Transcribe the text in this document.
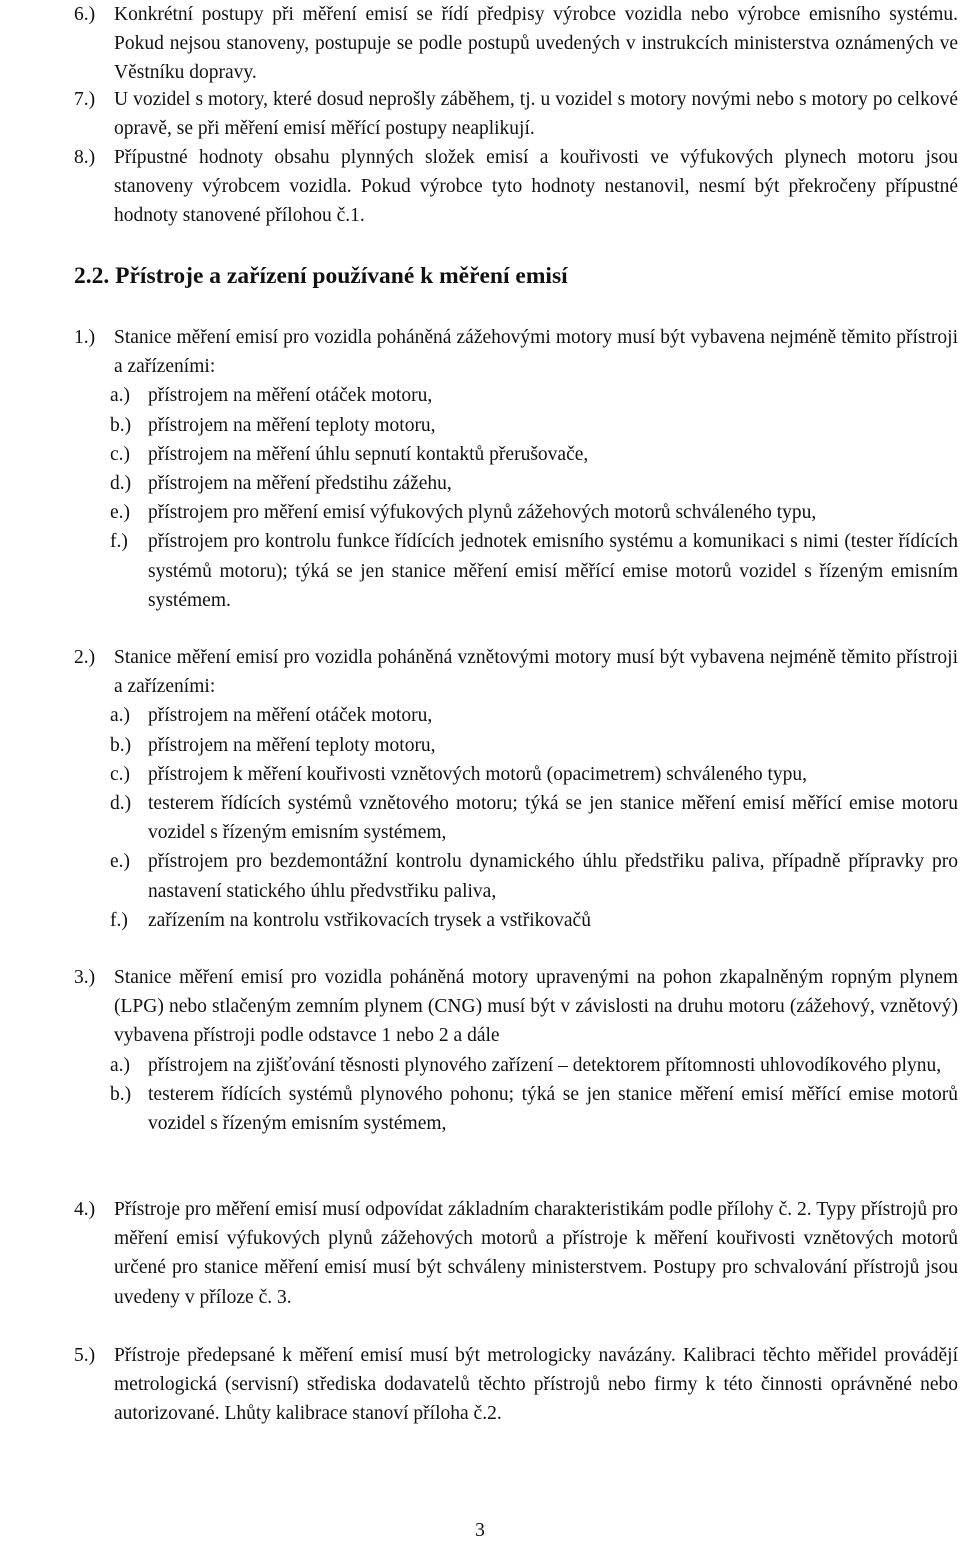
6.) Konkrétní postupy při měření emisí se řídí předpisy výrobce vozidla nebo výrobce emisního systému. Pokud nejsou stanoveny, postupuje se podle postupů uvedených v instrukcích ministerstva oznámených ve Věstníku dopravy.
7.) U vozidel s motory, které dosud neprošly záběhem, tj. u vozidel s motory novými nebo s motory po celkové opravě, se při měření emisí měřící postupy neaplikují.
8.) Přípustné hodnoty obsahu plynných složek emisí a kouřivosti ve výfukových plynech motoru jsou stanoveny výrobcem vozidla. Pokud výrobce tyto hodnoty nestanovil, nesmí být překročeny přípustné hodnoty stanovené přílohou č.1.
2.2. Přístroje a zařízení používané k měření emisí
1.) Stanice měření emisí pro vozidla poháněná zážehovými motory musí být vybavena nejméně těmito přístroji a zařízeními:
a.) přístrojem na měření otáček motoru,
b.) přístrojem na měření teploty motoru,
c.) přístrojem na měření úhlu sepnutí kontaktů přerušovače,
d.) přístrojem na měření předstihu zážehu,
e.) přístrojem pro měření emisí výfukových plynů zážehových motorů schváleného typu,
f.) přístrojem pro kontrolu funkce řídících jednotek emisního systému a komunikaci s nimi (tester řídících systémů motoru); týká se jen stanice měření emisí měřící emise motorů vozidel s řízeným emisním systémem.
2.) Stanice měření emisí pro vozidla poháněná vznětovými motory musí být vybavena nejméně těmito přístroji a zařízeními:
a.) přístrojem na měření otáček motoru,
b.) přístrojem na měření teploty motoru,
c.) přístrojem k měření kouřivosti vznětových motorů (opacimetrem) schváleného typu,
d.) testerem řídících systémů vznětového motoru; týká se jen stanice měření emisí měřící emise motoru vozidel s řízeným emisním systémem,
e.) přístrojem pro bezdemontážní kontrolu dynamického úhlu předstřiku paliva, případně přípravky pro nastavení statického úhlu předvstřiku paliva,
f.) zařízením na kontrolu vstřikovacích trysek a vstřikovačů
3.) Stanice měření emisí pro vozidla poháněná motory upravenými na pohon zkapalněným ropným plynem (LPG) nebo stlačeným zemním plynem (CNG) musí být v závislosti na druhu motoru (zážehový, vznětový) vybavena přístroji podle odstavce 1 nebo 2 a dále
a.) přístrojem na zjišťování těsnosti plynového zařízení – detektorem přítomnosti uhlovodíkového plynu,
b.) testerem řídících systémů plynového pohonu; týká se jen stanice měření emisí měřící emise motorů vozidel s řízeným emisním systémem,
4.) Přístroje pro měření emisí musí odpovídat základním charakteristikám podle přílohy č. 2. Typy přístrojů pro měření emisí výfukových plynů zážehových motorů a přístroje k měření kouřivosti vznětových motorů určené pro stanice měření emisí musí být schváleny ministerstvem. Postupy pro schvalování přístrojů jsou uvedeny v příloze č. 3.
5.) Přístroje předepsané k měření emisí musí být metrologicky navázány. Kalibraci těchto měřidel provádějí metrologická (servisní) střediska dodavatelů těchto přístrojů nebo firmy k této činnosti oprávněné nebo autorizované. Lhůty kalibrace stanoví příloha č.2.
3
